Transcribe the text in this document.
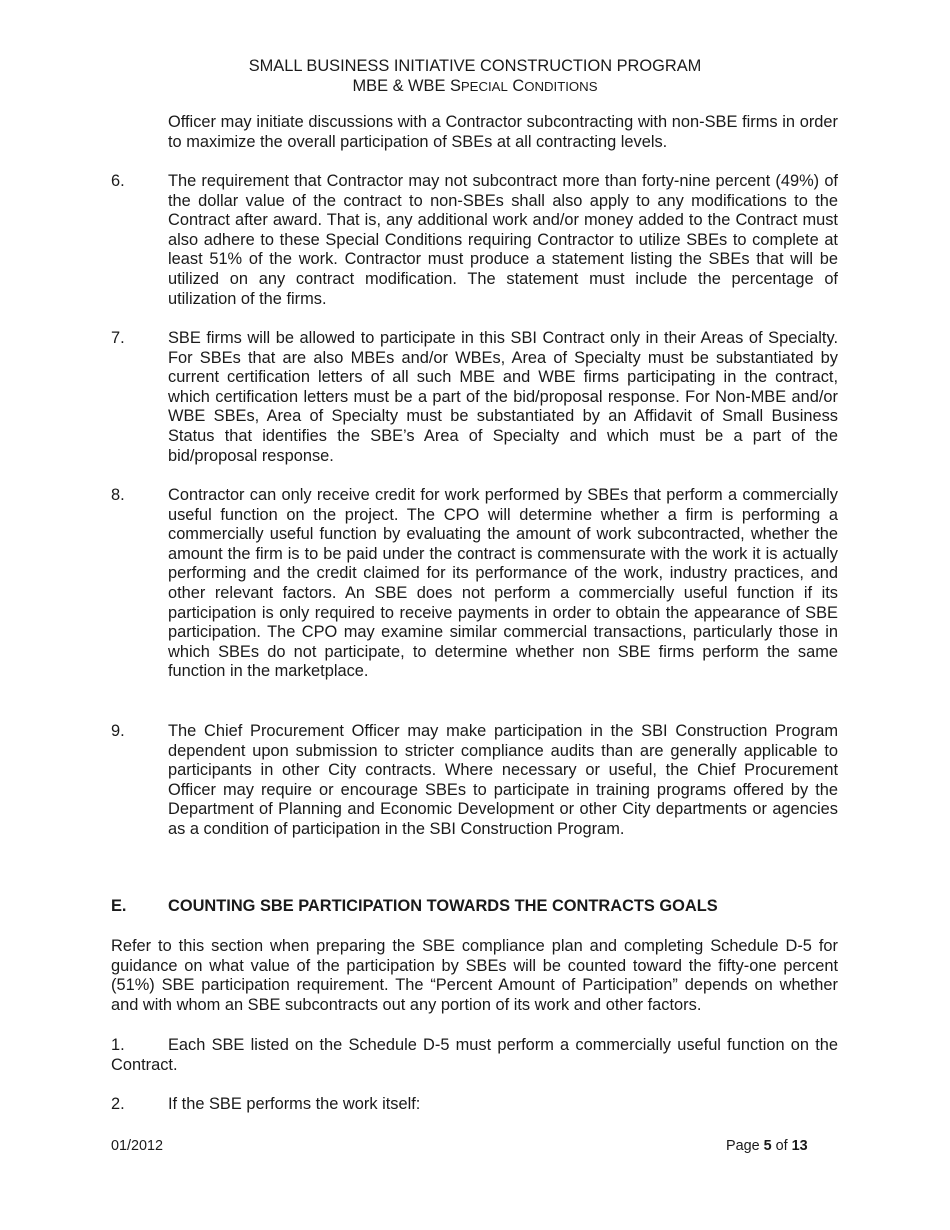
SMALL BUSINESS INITIATIVE CONSTRUCTION PROGRAM
MBE & WBE SPECIAL CONDITIONS

Officer may initiate discussions with a Contractor subcontracting with non-SBE firms in order to maximize the overall participation of SBEs at all contracting levels.

6.	The requirement that Contractor may not subcontract more than forty-nine percent (49%) of the dollar value of the contract to non-SBEs shall also apply to any modifications to the Contract after award. That is, any additional work and/or money added to the Contract must also adhere to these Special Conditions requiring Contractor to utilize SBEs to complete at least 51% of the work. Contractor must produce a statement listing the SBEs that will be utilized on any contract modification. The statement must include the percentage of utilization of the firms.

7.	SBE firms will be allowed to participate in this SBI Contract only in their Areas of Specialty. For SBEs that are also MBEs and/or WBEs, Area of Specialty must be substantiated by current certification letters of all such MBE and WBE firms participating in the contract, which certification letters must be a part of the bid/proposal response. For Non-MBE and/or WBE SBEs, Area of Specialty must be substantiated by an Affidavit of Small Business Status that identifies the SBE’s Area of Specialty and which must be a part of the bid/proposal response.

8.	Contractor can only receive credit for work performed by SBEs that perform a commercially useful function on the project. The CPO will determine whether a firm is performing a commercially useful function by evaluating the amount of work subcontracted, whether the amount the firm is to be paid under the contract is commensurate with the work it is actually performing and the credit claimed for its performance of the work, industry practices, and other relevant factors. An SBE does not perform a commercially useful function if its participation is only required to receive payments in order to obtain the appearance of SBE participation. The CPO may examine similar commercial transactions, particularly those in which SBEs do not participate, to determine whether non SBE firms perform the same function in the marketplace.

9.	The Chief Procurement Officer may make participation in the SBI Construction Program dependent upon submission to stricter compliance audits than are generally applicable to participants in other City contracts. Where necessary or useful, the Chief Procurement Officer may require or encourage SBEs to participate in training programs offered by the Department of Planning and Economic Development or other City departments or agencies as a condition of participation in the SBI Construction Program.

E.	COUNTING SBE PARTICIPATION TOWARDS THE CONTRACTS GOALS

Refer to this section when preparing the SBE compliance plan and completing Schedule D-5 for guidance on what value of the participation by SBEs will be counted toward the fifty-one percent (51%) SBE participation requirement. The “Percent Amount of Participation” depends on whether and with whom an SBE subcontracts out any portion of its work and other factors.

1.	Each SBE listed on the Schedule D-5 must perform a commercially useful function on the Contract.

2.	If the SBE performs the work itself:

01/2012	Page 5 of 13
